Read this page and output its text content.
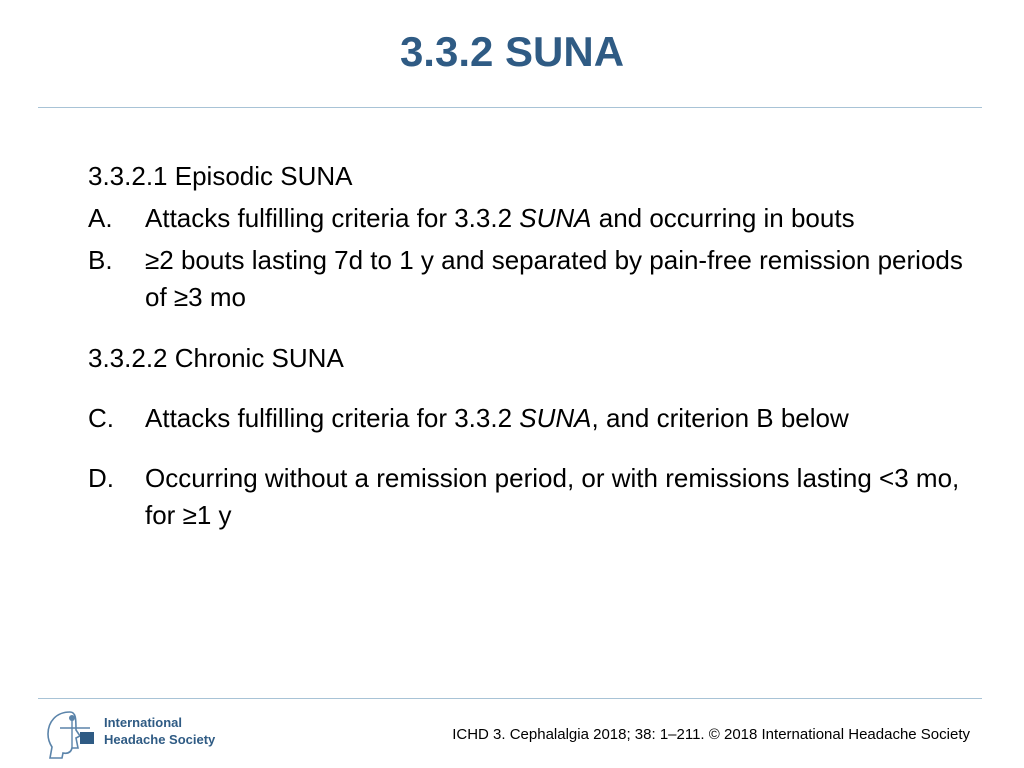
3.3.2 SUNA
3.3.2.1 Episodic SUNA
A.	Attacks fulfilling criteria for 3.3.2 SUNA and occurring in bouts
B.	≥2 bouts lasting 7d to 1 y and separated by pain-free remission periods of ≥3 mo
3.3.2.2 Chronic SUNA
C.	Attacks fulfilling criteria for 3.3.2 SUNA, and criterion B below
D.	Occurring without a remission period, or with remissions lasting <3 mo, for ≥1 y
International
Headache Society	ICHD 3. Cephalalgia 2018; 38: 1–211. © 2018 International Headache Society
